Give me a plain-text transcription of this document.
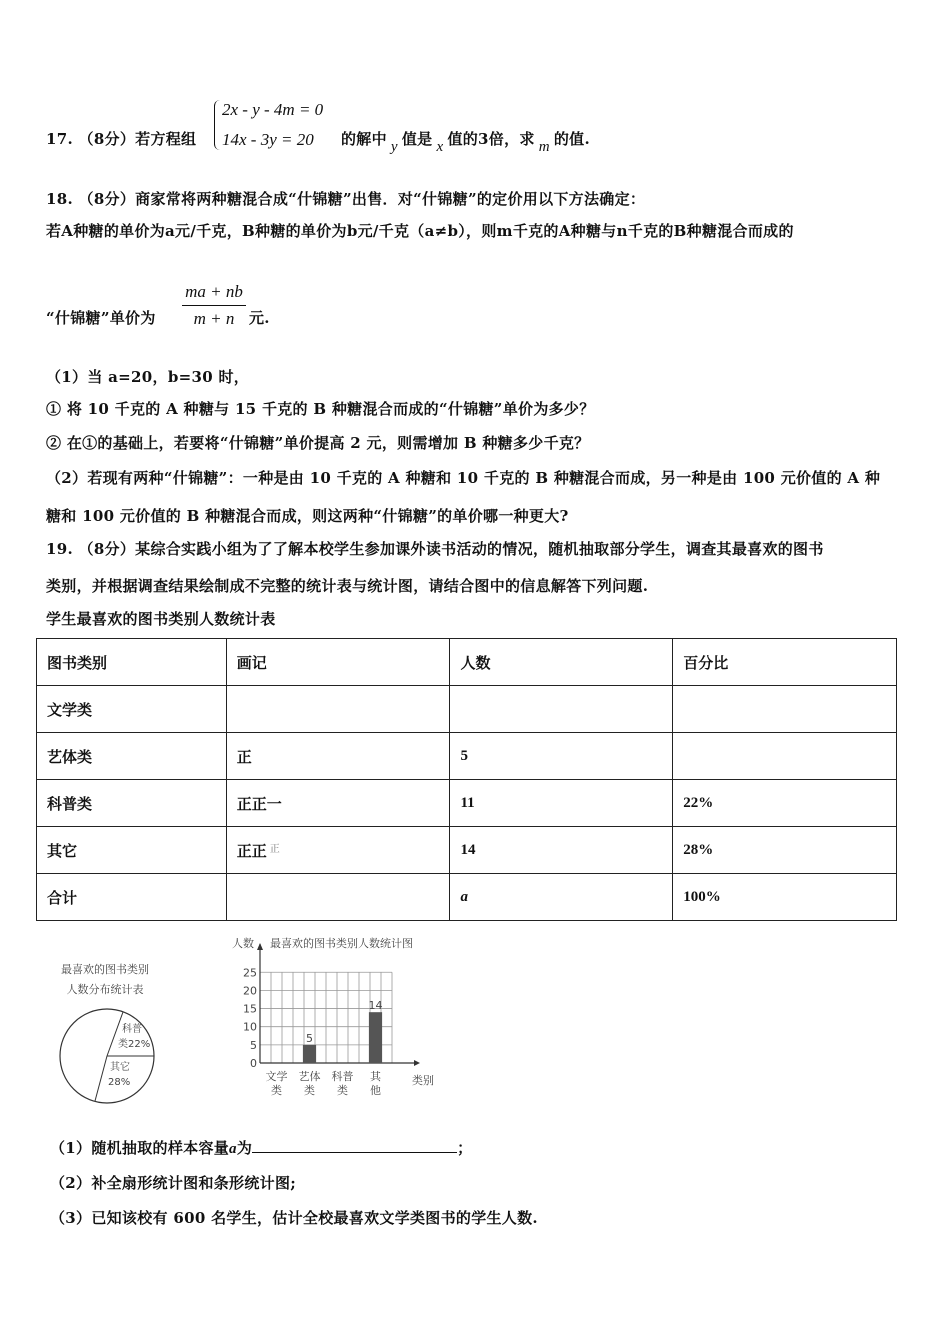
17. （8分）若方程组
2x - y - 4m = 0
14x - 3y = 20 的解中 y 值是 x 值的3倍，求 m 的值.
18. （8分）商家常将两种糖混合成“什锦糖”出售．对“什锦糖”的定价用以下方法确定：
若A种糖的单价为a元/千克，B种糖的单价为b元/千克（a≠b），则m千克的A种糖与n千克的B种糖混合而成的
“什锦糖”单价为
ma + nb
m + n 元.
（1）当 a=20，b=30 时，
① 将 10 千克的 A 种糖与 15 千克的 B 种糖混合而成的“什锦糖”单价为多少？
② 在①的基础上，若要将“什锦糖”单价提高 2 元，则需增加 B 种糖多少千克？
（2）若现有两种“什锦糖”：一种是由 10 千克的 A 种糖和 10 千克的 B 种糖混合而成，另一种是由 100 元价值的 A 种
糖和 100 元价值的 B 种糖混合而成，则这两种“什锦糖”的单价哪一种更大?
19. （8分）某综合实践小组为了了解本校学生参加课外读书活动的情况，随机抽取部分学生，调查其最喜欢的图书
类别，并根据调查结果绘制成不完整的统计表与统计图，请结合图中的信息解答下列问题.
学生最喜欢的图书类别人数统计表
图书类别	画记	人数	百分比
文学类			
艺体类	正	5	
科普类	正正一	11	22%
其它	正正 $^正$	14	28%
合计		a	100%
最喜欢的图书类别
人数分布统计表
科普
类22%
其它
28%
人数 最喜欢的图书类别人数统计图
类别
0
5
10
15
20
25
文学
类
5
艺体
类
科普
类
14
其
他
（1）随机抽取的样本容量a为	；
（2）补全扇形统计图和条形统计图;
（3）已知该校有 600 名学生，估计全校最喜欢文学类图书的学生人数.
